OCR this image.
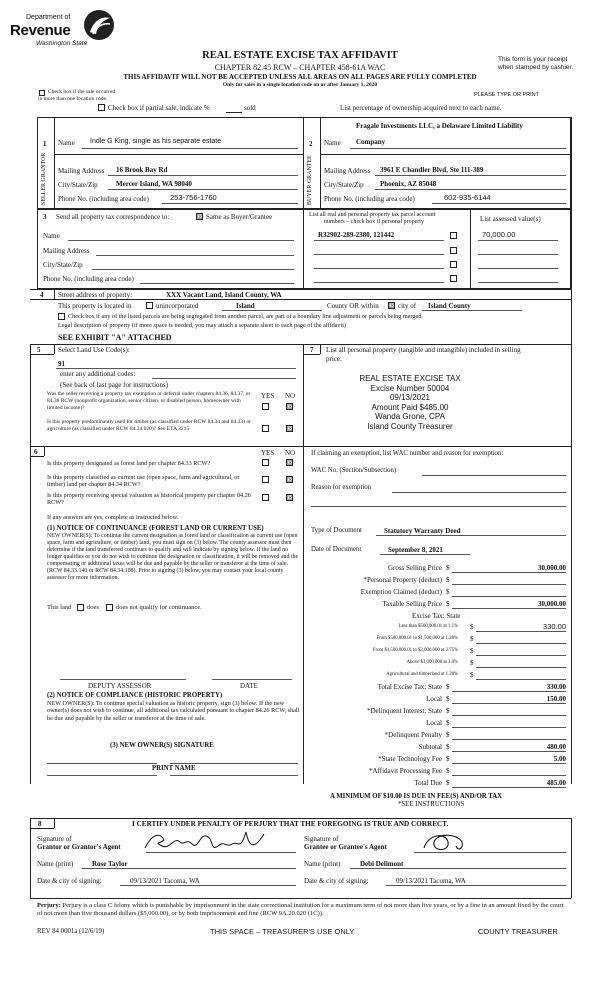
Department of
Revenue
Washington State
REAL ESTATE EXCISE TAX AFFIDAVIT
CHAPTER 82.45 RCW – CHAPTER 458-61A WAC
THIS AFFIDAVIT WILL NOT BE ACCEPTED UNLESS ALL AREAS ON ALL PAGES ARE FULLY COMPLETED
Only for sales in a single location code on or after January 1, 2020
This form is your receipt
when stamped by cashier.
PLEASE TYPE OR PRINT
Check box if the sale occurred
in more than one location code.
Check box if partial sale, indicate %	sold	List percentage of ownership acquired next to each name.
1	2
SELLER GRANTOR	BUYER GRANTEE
Name Indle G King, single as his separate estate
Mailing Address 16 Brook Bay Rd
City/State/Zip	Mercer Island, WA 98040
Phone No. (including area code)	253-756-1760
Fragale Investments LLC, a Delaware Limited Liability
Name Company
Mailing Address 3961 E Chandler Blvd, Ste 111-389
City/State/Zip Phoenix, AZ 85048
Phone No. (including area code)	602-935-6144
3 Send all property tax correspondence to:	☒ Same as Buyer/Grantee
Name
Mailing Address
City/State/Zip
Phone No. (including area code)
List all real and personal property tax parcel account
numbers – check box if personal property	List assessed value(s)
R32902-289-2380, 121442	70,000.00
4 Street address of property:	XXX Vacant Land, Island County, WA
This property is located in	unincorporated	Island	County OR within ☒ city of Island County
Check box if any of the listed parcels are being segregated from another parcel, are part of a boundary line adjustment or parcels being merged.
Legal description of property (if more space is needed, you may attach a separate sheet to each page of the affidavit)
SEE EXHIBIT "A" ATTACHED
5	Select Land Use Code(s):
91
enter any additional codes:
(See back of last page for instructions)
YES NO
Was the seller receiving a property tax exemption or deferral under chapters 84.36, 84.37, or 84.38 RCW (nonprofit organization, senior citizen, or disabled person, homeowner with limited income)?	☒
Is this property predominantly used for timber (as classified under RCW 84.34 and 84.33) or agriculture (as classified under RCW 84.34.020)? See ETA 3215	☒
7 List all personal property (tangible and intangible) included in selling
price.
REAL ESTATE EXCISE TAX
Excise Number 50004
09/13/2021
Amount Paid $485.00
Wanda Grone, CPA
Island County Treasurer
6	YES NO
Is this property designated as forest land per chapter 84.33 RCW?	☒
Is this property classified as current use (open space, farm and agricultural, or timber) land per chapter 84.34 RCW?
☒
Is this property receiving special valuation as historical property per chapter 84.26 RCW?
☒
If any answers are yes, complete as instructed below.
(1) NOTICE OF CONTINUANCE (FOREST LAND OR CURRENT USE)
NEW OWNER(S): To continue the current designation as forest land or classification as current use (open space, farm and agriculture, or timber) land, you must sign on (3) below. The county assessor must then determine if the land transferred continues to qualify and will indicate by signing below. If the land no longer qualifies or you do not wish to continue the designation or classification, it will be removed and the compensating or additional taxes will be due and payable by the seller or transferor at the time of sale. (RCW 84.33.140 or RCW 84.34.108). Prior to signing (3) below, you may contact your local county assessor for more information.
This land does	does not qualify for continuance.
DEPUTY ASSESSOR	DATE
(2) NOTICE OF COMPLIANCE (HISTORIC PROPERTY)
NEW OWNER(S): To continue special valuation as historic property, sign (3) below. If the new owner(s) does not wish to continue, all additional tax calculated pursuant to chapter 84.26 RCW, shall be due and payable by the seller or transferor at the time of sale.
(3) NEW OWNER(S) SIGNATURE
PRINT NAME
If claiming an exemption, list WAC number and reason for exemption:
WAC No. (Section/Subsection)
Reason for exemption
Type of Document	Statutory Warranty Deed
Date of Document	September 8, 2021
Gross Selling Price $	30,000.00
*Personal Property (deduct) $
Exemption Claimed (deduct) $
Taxable Selling Price $	30,000.00
Excise Tax: State
Less than $500,000.01 at 1.1% $	330.00
From $500,000.01 to $1,500,000 at 1.28% $
From $1,500,000.01 to $3,000,000 at 2.75% $
Above $3,000,000 at 3.0% $
Agricultural and timberland at 1.28% $
Total Excise Tax: State $	330.00
Local $	150.00
*Delinquent Interest: State $
Local $
*Delinquent Penalty $
Subtotal $	480.00
*State Technology Fee $	5.00
*Affidavit Processing Fee $
Total Due $	485.00
A MINIMUM OF $10.00 IS DUE IN FEE(S) AND/OR TAX
*SEE INSTRUCTIONS
8	I CERTIFY UNDER PENALTY OF PERJURY THAT THE FOREGOING IS TRUE AND CORRECT.
Signature of
Grantor or Grantor's Agent
Name (print)	Rose Taylor
Date & city of signing:	09/13/2021 Tacoma, WA
Signature of
Grantee or Grantee's Agent
Name (print)	Debi Delimont
Date & city of signing:	09/13/2021 Tacoma, WA
Perjury: Perjury is a class C felony which is punishable by imprisonment in the state correctional institution for a maximum term of not more than five years, or by a fine in an amount fixed by the court of not more than five thousand dollars ($5,000.00), or by both imprisonment and fine (RCW 9A.20.020 (1C)).
REV 84 0001a (12/6/19)	THIS SPACE – TREASURER'S USE ONLY	COUNTY TREASURER
